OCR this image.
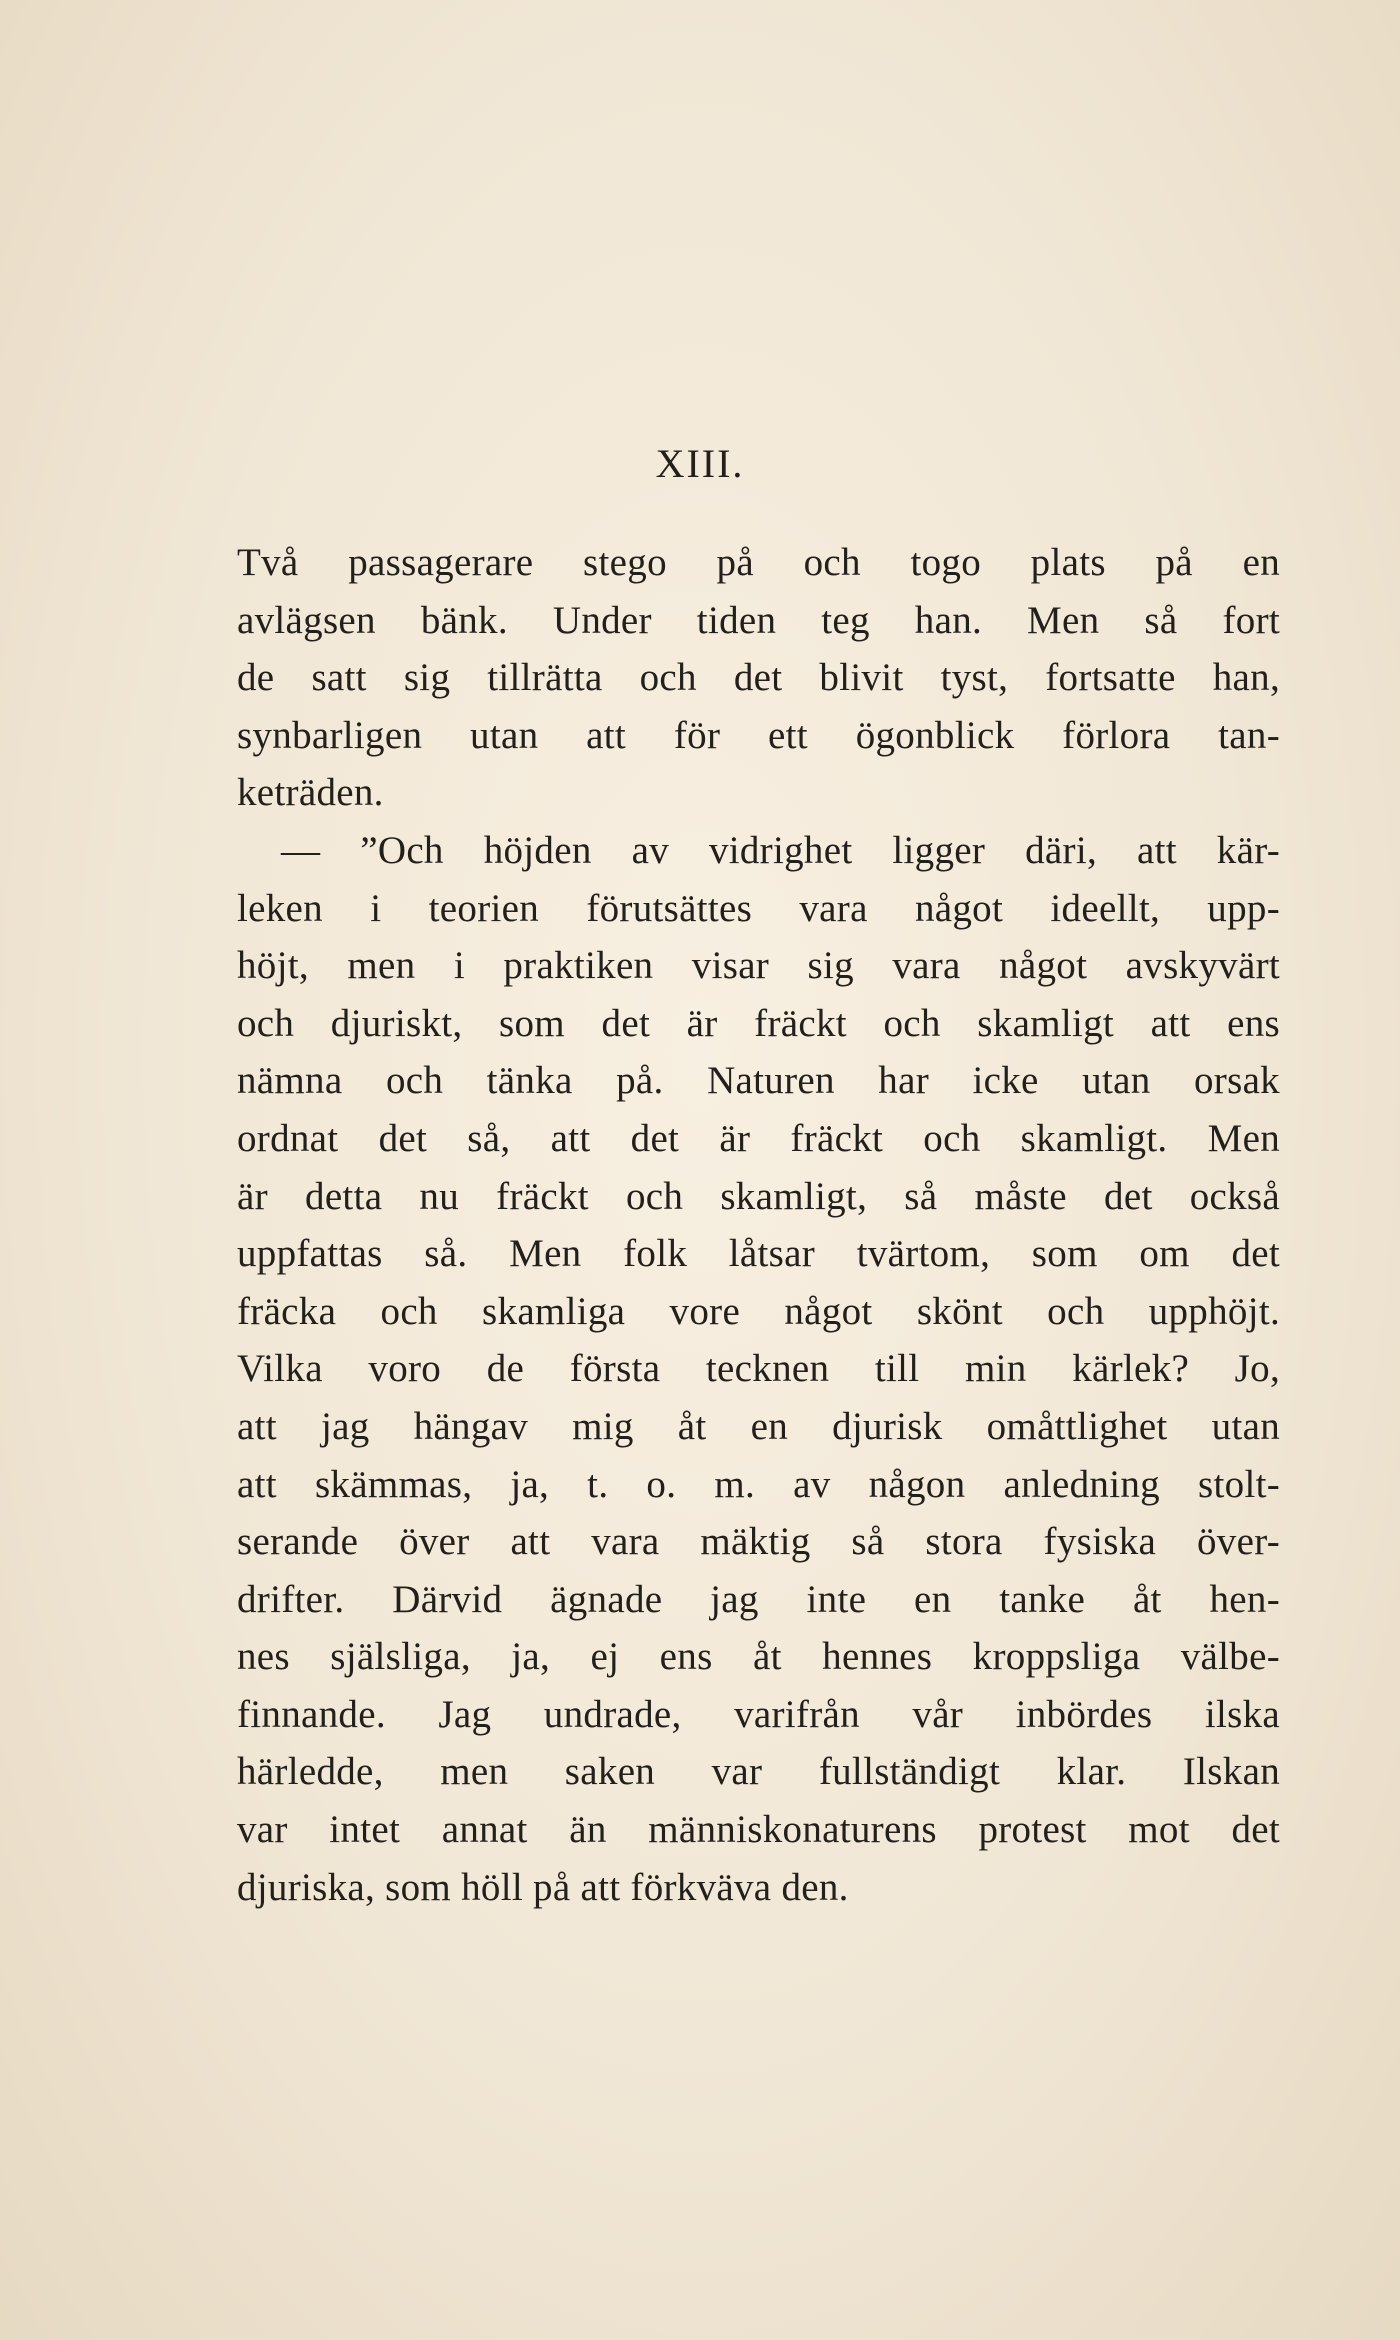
XIII.
Två passagerare stego på och togo plats på en
avlägsen bänk. Under tiden teg han. Men så fort
de satt sig tillrätta och det blivit tyst, fortsatte han,
synbarligen utan att för ett ögonblick förlora tan-
keträden.
— ”Och höjden av vidrighet ligger däri, att kär-
leken i teorien förutsättes vara något ideellt, upp-
höjt, men i praktiken visar sig vara något avskyvärt
och djuriskt, som det är fräckt och skamligt att ens
nämna och tänka på. Naturen har icke utan orsak
ordnat det så, att det är fräckt och skamligt. Men
är detta nu fräckt och skamligt, så måste det också
uppfattas så. Men folk låtsar tvärtom, som om det
fräcka och skamliga vore något skönt och upphöjt.
Vilka voro de första tecknen till min kärlek? Jo,
att jag hängav mig åt en djurisk omåttlighet utan
att skämmas, ja, t. o. m. av någon anledning stolt-
serande över att vara mäktig så stora fysiska över-
drifter. Därvid ägnade jag inte en tanke åt hen-
nes själsliga, ja, ej ens åt hennes kroppsliga välbe-
finnande. Jag undrade, varifrån vår inbördes ilska
härledde, men saken var fullständigt klar. Ilskan
var intet annat än människonaturens protest mot det
djuriska, som höll på att förkväva den.
